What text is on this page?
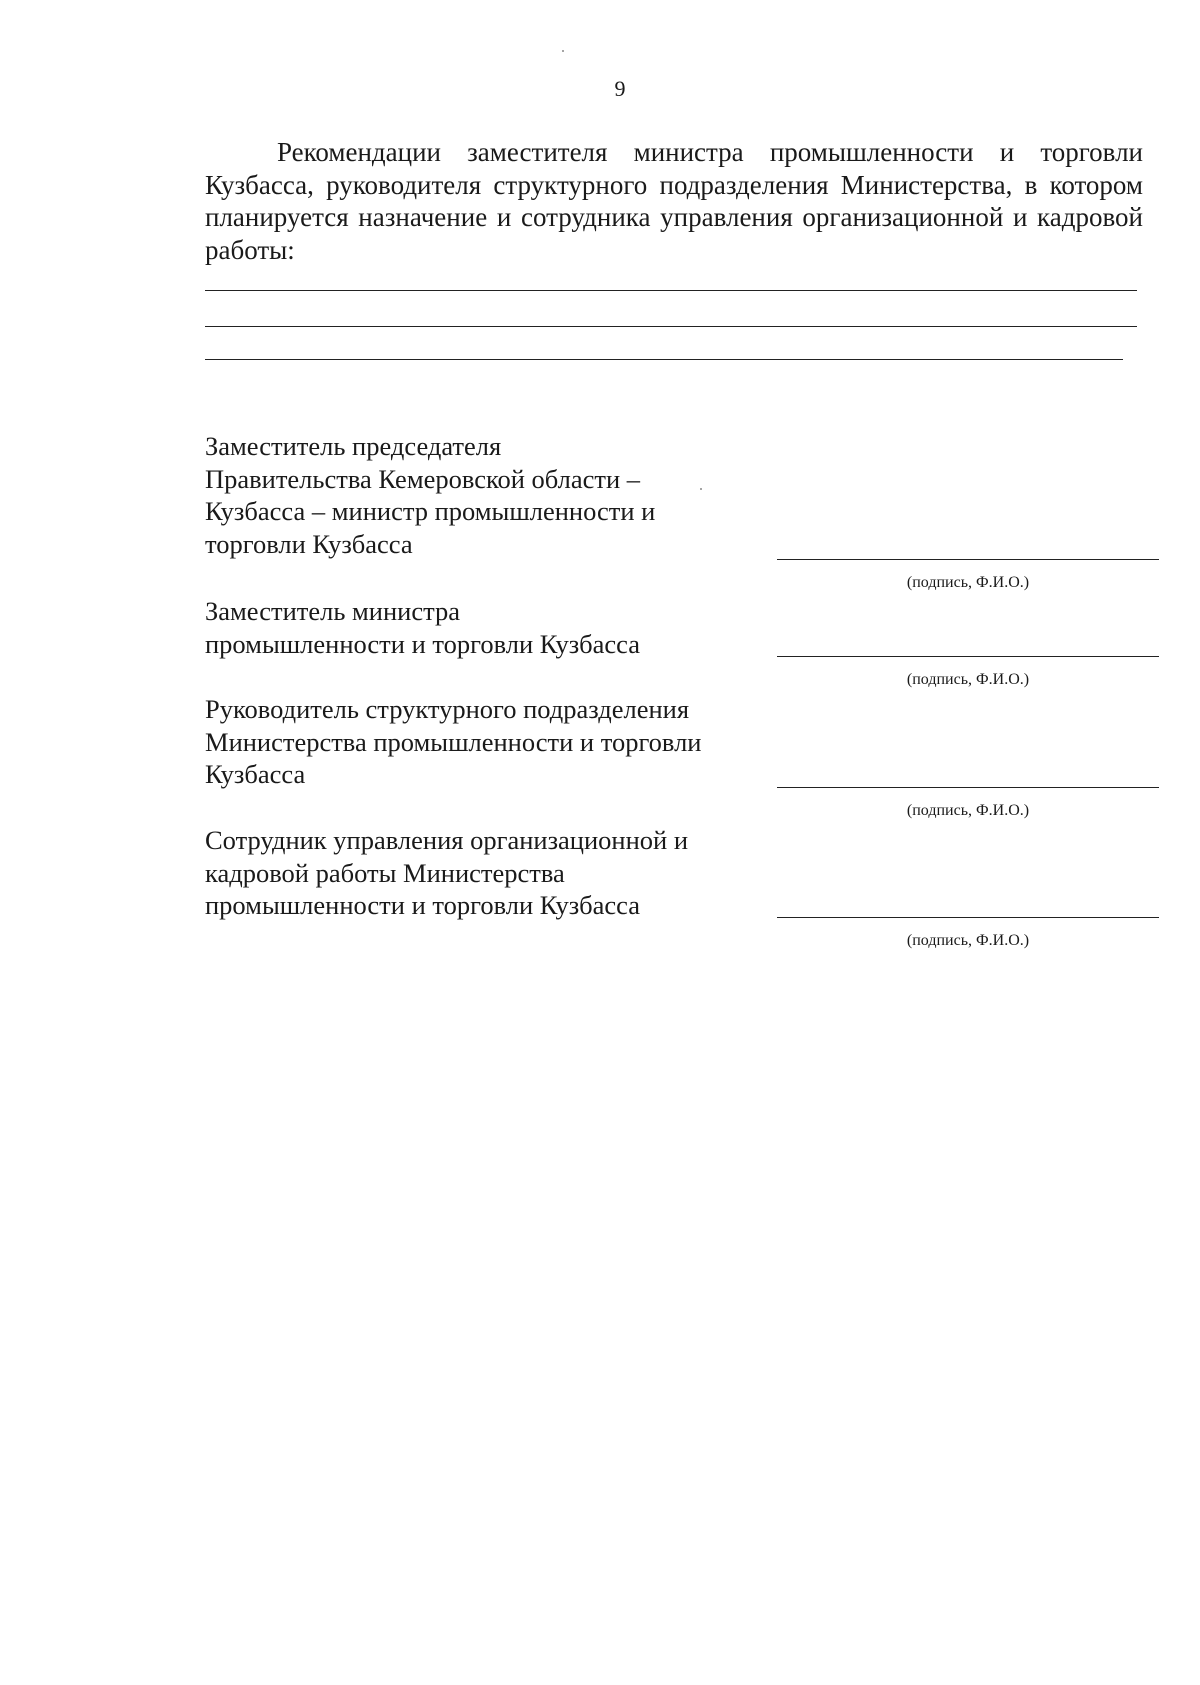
9

Рекомендации заместителя министра промышленности и торговли Кузбасса, руководителя структурного подразделения Министерства, в котором планируется назначение и сотрудника управления организационной и кадровой работы:

Заместитель председателя
Правительства Кемеровской области –
Кузбасса – министр промышленности и
торговли Кузбасса

(подпись, Ф.И.О.)

Заместитель министра
промышленности и торговли Кузбасса

(подпись, Ф.И.О.)

Руководитель структурного подразделения
Министерства промышленности и торговли
Кузбасса

(подпись, Ф.И.О.)

Сотрудник управления организационной и
кадровой работы Министерства
промышленности и торговли Кузбасса

(подпись, Ф.И.О.)
